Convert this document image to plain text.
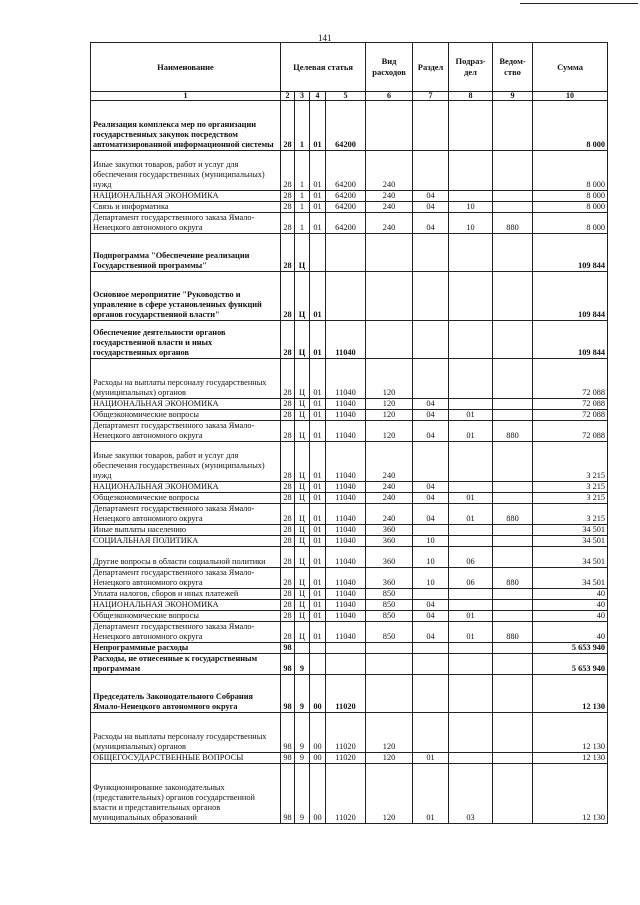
141
Наименование	Целевая статья				Вид расходов	Раздел	Подраз-дел	Ведом-ство	Сумма
1	2	3	4	5	6	7	8	9	10
Реализация комплекса мер по организации государственных закупок посредством автоматизированной информационной системы	28	1	01	64200					8 000
Иные закупки товаров, работ и услуг для обеспечения государственных (муниципальных) нужд	28	1	01	64200	240				8 000
НАЦИОНАЛЬНАЯ ЭКОНОМИКА	28	1	01	64200	240	04			8 000
Связь и информатика	28	1	01	64200	240	04	10		8 000
Департамент государственного заказа Ямало-Ненецкого автономного округа	28	1	01	64200	240	04	10	880	8 000
Подпрограмма "Обеспечение реализации Государственной программы"	28	Ц							109 844
Основное мероприятие "Руководство и управление в сфере установленных функций органов государственной власти"	28	Ц	01						109 844
Обеспечение деятельности органов государственной власти и иных государственных органов	28	Ц	01	11040					109 844
Расходы на выплаты персоналу государственных (муниципальных) органов	28	Ц	01	11040	120				72 088
НАЦИОНАЛЬНАЯ ЭКОНОМИКА	28	Ц	01	11040	120	04			72 088
Общеэкономические вопросы	28	Ц	01	11040	120	04	01		72 088
Департамент государственного заказа Ямало-Ненецкого автономного округа	28	Ц	01	11040	120	04	01	880	72 088
Иные закупки товаров, работ и услуг для обеспечения государственных (муниципальных) нужд	28	Ц	01	11040	240				3 215
НАЦИОНАЛЬНАЯ ЭКОНОМИКА	28	Ц	01	11040	240	04			3 215
Общеэкономические вопросы	28	Ц	01	11040	240	04	01		3 215
Департамент государственного заказа Ямало-Ненецкого автономного округа	28	Ц	01	11040	240	04	01	880	3 215
Иные выплаты населению	28	Ц	01	11040	360				34 501
СОЦИАЛЬНАЯ ПОЛИТИКА	28	Ц	01	11040	360	10			34 501
Другие вопросы в области социальной политики	28	Ц	01	11040	360	10	06		34 501
Департамент государственного заказа Ямало-Ненецкого автономного округа	28	Ц	01	11040	360	10	06	880	34 501
Уплата налогов, сборов и иных платежей	28	Ц	01	11040	850				40
НАЦИОНАЛЬНАЯ ЭКОНОМИКА	28	Ц	01	11040	850	04			40
Общеэкономические вопросы	28	Ц	01	11040	850	04	01		40
Департамент государственного заказа Ямало-Ненецкого автономного округа	28	Ц	01	11040	850	04	01	880	40
Непрограммные расходы	98								5 653 940
Расходы, не отнесенные к государственным программам	98	9							5 653 940
Председатель Законодательного Собрания Ямало-Ненецкого автономного округа	98	9	00	11020					12 130
Расходы на выплаты персоналу государственных (муниципальных) органов	98	9	00	11020	120				12 130
ОБЩЕГОСУДАРСТВЕННЫЕ ВОПРОСЫ	98	9	00	11020	120	01			12 130
Функционирование законодательных (представительных) органов государственной власти и представительных органов муниципальных образований	98	9	00	11020	120	01	03		12 130
